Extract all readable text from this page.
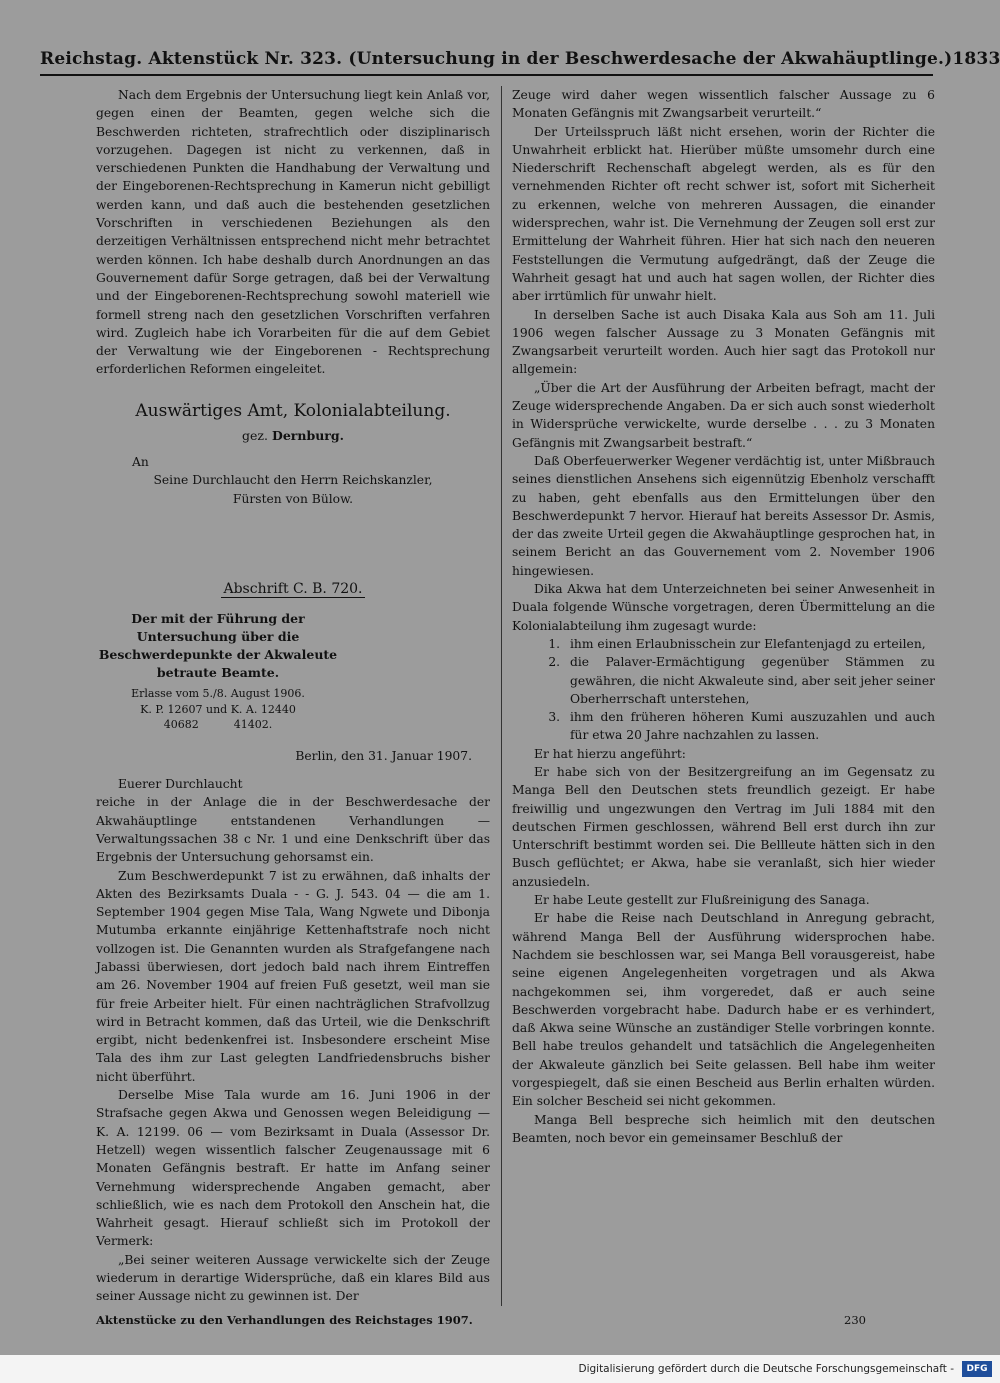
Reichstag. Aktenstück Nr. 323. (Untersuchung in der Beschwerdesache der Akwahäuptlinge.) 1833

Nach dem Ergebnis der Untersuchung liegt kein Anlaß vor, gegen einen der Beamten, gegen welche sich die Beschwerden richteten, strafrechtlich oder disziplinarisch vorzugehen. Dagegen ist nicht zu verkennen, daß in verschiedenen Punkten die Handhabung der Verwaltung und der Eingeborenen-Rechtsprechung in Kamerun nicht gebilligt werden kann, und daß auch die bestehenden gesetzlichen Vorschriften in verschiedenen Beziehungen als den derzeitigen Verhältnissen entsprechend nicht mehr betrachtet werden können. Ich habe deshalb durch Anordnungen an das Gouvernement dafür Sorge getragen, daß bei der Verwaltung und der Eingeborenen-Rechtsprechung sowohl materiell wie formell streng nach den gesetzlichen Vorschriften verfahren wird. Zugleich habe ich Vorarbeiten für die auf dem Gebiet der Verwaltung wie der Eingeborenen - Rechtsprechung erforderlichen Reformen eingeleitet.

Auswärtiges Amt, Kolonialabteilung.
gez. Dernburg.
An
Seine Durchlaucht den Herrn Reichskanzler,
Fürsten von Bülow.
Abschrift C. B. 720.
Der mit der Führung der Untersuchung über die Beschwerdepunkte der Akwaleute betraute Beamte.
Erlasse vom 5./8. August 1906.
K. P. 12607 und K. A. 12440
40682          41402.
Berlin, den 31. Januar 1907.
Euerer Durchlaucht

reiche in der Anlage die in der Beschwerdesache der Akwahäuptlinge entstandenen Verhandlungen — Verwaltungssachen 38 c Nr. 1 und eine Denkschrift über das Ergebnis der Untersuchung gehorsamst ein.

Zum Beschwerdepunkt 7 ist zu erwähnen, daß inhalts der Akten des Bezirksamts Duala - - G. J. 543. 04 — die am 1. September 1904 gegen Mise Tala, Wang Ngwete und Dibonja Mutumba erkannte einjährige Kettenhaftstrafe noch nicht vollzogen ist. Die Genannten wurden als Strafgefangene nach Jabassi überwiesen, dort jedoch bald nach ihrem Eintreffen am 26. November 1904 auf freien Fuß gesetzt, weil man sie für freie Arbeiter hielt. Für einen nachträglichen Strafvollzug wird in Betracht kommen, daß das Urteil, wie die Denkschrift ergibt, nicht bedenkenfrei ist. Insbesondere erscheint Mise Tala des ihm zur Last gelegten Landfriedensbruchs bisher nicht überführt.

Derselbe Mise Tala wurde am 16. Juni 1906 in der Strafsache gegen Akwa und Genossen wegen Beleidigung — K. A. 12199. 06 — vom Bezirksamt in Duala (Assessor Dr. Hetzell) wegen wissentlich falscher Zeugenaussage mit 6 Monaten Gefängnis bestraft. Er hatte im Anfang seiner Vernehmung widersprechende Angaben gemacht, aber schließlich, wie es nach dem Protokoll den Anschein hat, die Wahrheit gesagt. Hierauf schließt sich im Protokoll der Vermerk:

„Bei seiner weiteren Aussage verwickelte sich der Zeuge wiederum in derartige Widersprüche, daß ein klares Bild aus seiner Aussage nicht zu gewinnen ist. Der

Zeuge wird daher wegen wissentlich falscher Aussage zu 6 Monaten Gefängnis mit Zwangsarbeit verurteilt.“

Der Urteilsspruch läßt nicht ersehen, worin der Richter die Unwahrheit erblickt hat. Hierüber müßte umsomehr durch eine Niederschrift Rechenschaft abgelegt werden, als es für den vernehmenden Richter oft recht schwer ist, sofort mit Sicherheit zu erkennen, welche von mehreren Aussagen, die einander widersprechen, wahr ist. Die Vernehmung der Zeugen soll erst zur Ermittelung der Wahrheit führen. Hier hat sich nach den neueren Feststellungen die Vermutung aufgedrängt, daß der Zeuge die Wahrheit gesagt hat und auch hat sagen wollen, der Richter dies aber irrtümlich für unwahr hielt.

In derselben Sache ist auch Disaka Kala aus Soh am 11. Juli 1906 wegen falscher Aussage zu 3 Monaten Gefängnis mit Zwangsarbeit verurteilt worden. Auch hier sagt das Protokoll nur allgemein:

„Über die Art der Ausführung der Arbeiten befragt, macht der Zeuge widersprechende Angaben. Da er sich auch sonst wiederholt in Widersprüche verwickelte, wurde derselbe . . . zu 3 Monaten Gefängnis mit Zwangsarbeit bestraft.“

Daß Oberfeuerwerker Wegener verdächtig ist, unter Mißbrauch seines dienstlichen Ansehens sich eigennützig Ebenholz verschafft zu haben, geht ebenfalls aus den Ermittelungen über den Beschwerdepunkt 7 hervor. Hierauf hat bereits Assessor Dr. Asmis, der das zweite Urteil gegen die Akwahäuptlinge gesprochen hat, in seinem Bericht an das Gouvernement vom 2. November 1906 hingewiesen.

Dika Akwa hat dem Unterzeichneten bei seiner Anwesenheit in Duala folgende Wünsche vorgetragen, deren Übermittelung an die Kolonialabteilung ihm zugesagt wurde:

1. ihm einen Erlaubnisschein zur Elefantenjagd zu erteilen,
2. die Palaver-Ermächtigung gegenüber Stämmen zu gewähren, die nicht Akwaleute sind, aber seit jeher seiner Oberherrschaft unterstehen,
3. ihm den früheren höheren Kumi auszuzahlen und auch für etwa 20 Jahre nachzahlen zu lassen.

Er hat hierzu angeführt:

Er habe sich von der Besitzergreifung an im Gegensatz zu Manga Bell den Deutschen stets freundlich gezeigt. Er habe freiwillig und ungezwungen den Vertrag im Juli 1884 mit den deutschen Firmen geschlossen, während Bell erst durch ihn zur Unterschrift bestimmt worden sei. Die Bellleute hätten sich in den Busch geflüchtet; er Akwa, habe sie veranlaßt, sich hier wieder anzusiedeln.

Er habe Leute gestellt zur Flußreinigung des Sanaga.

Er habe die Reise nach Deutschland in Anregung gebracht, während Manga Bell der Ausführung widersprochen habe. Nachdem sie beschlossen war, sei Manga Bell vorausgereist, habe seine eigenen Angelegenheiten vorgetragen und als Akwa nachgekommen sei, ihm vorgeredet, daß er auch seine Beschwerden vorgebracht habe. Dadurch habe er es verhindert, daß Akwa seine Wünsche an zuständiger Stelle vorbringen konnte. Bell habe treulos gehandelt und tatsächlich die Angelegenheiten der Akwaleute gänzlich bei Seite gelassen. Bell habe ihm weiter vorgespiegelt, daß sie einen Bescheid aus Berlin erhalten würden. Ein solcher Bescheid sei nicht gekommen.

Manga Bell bespreche sich heimlich mit den deutschen Beamten, noch bevor ein gemeinsamer Beschluß der

Aktenstücke zu den Verhandlungen des Reichstages 1907.	230
Digitalisierung gefördert durch die Deutsche Forschungsgemeinschaft -	DFG
